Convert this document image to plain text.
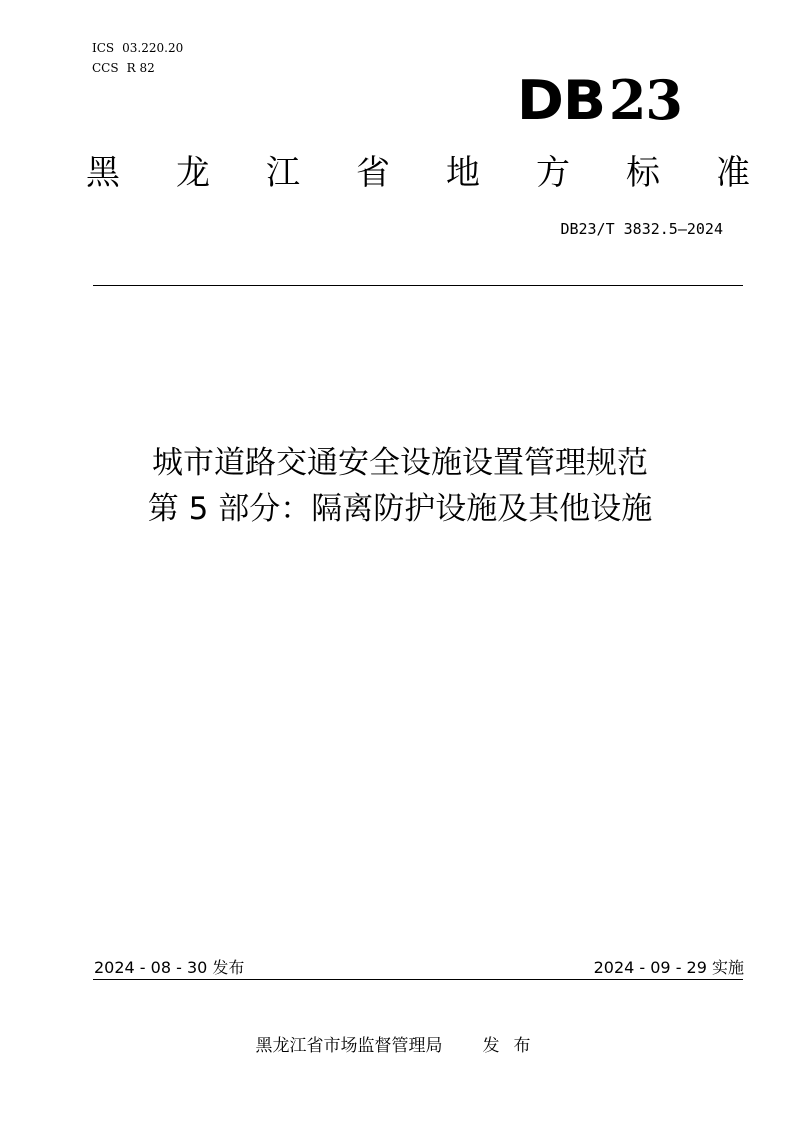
ICS 03.220.20
CCS R 82
DB23
黑 龙 江 省 地 方 标 准
DB23/T 3832.5—2024
城市道路交通安全设施设置管理规范
第 5 部分：隔离防护设施及其他设施
2024 - 08 - 30 发布	2024 - 09 - 29 实施
黑龙江省市场监督管理局 发布
